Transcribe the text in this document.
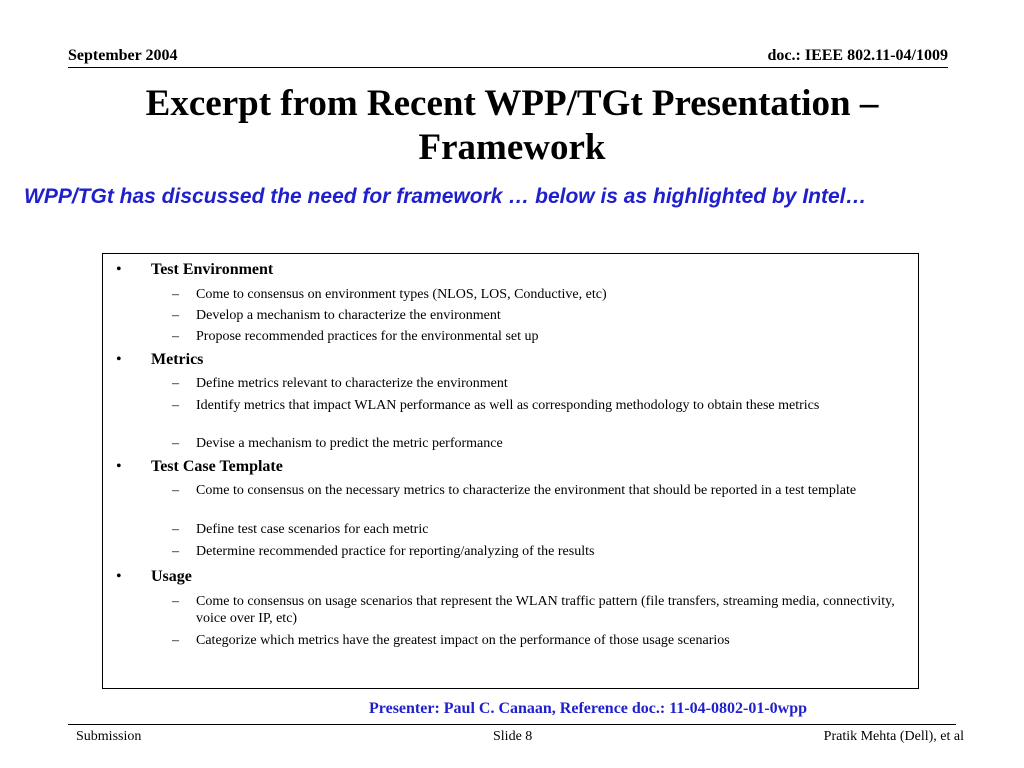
September 2004	doc.: IEEE 802.11-04/1009
Excerpt from Recent WPP/TGt Presentation –
Framework
WPP/TGt has discussed the need for framework … below is as highlighted by Intel…
• Test Environment
– Come to consensus on environment types (NLOS, LOS, Conductive, etc)
– Develop a mechanism to characterize the environment
– Propose recommended practices for the environmental set up
• Metrics
– Define metrics relevant to characterize the environment
– Identify metrics that impact WLAN performance as well as corresponding methodology to obtain these metrics
– Devise a mechanism to predict the metric performance
• Test Case Template
– Come to consensus on the necessary metrics to characterize the environment that should be reported in a test template
– Define test case scenarios for each metric
– Determine recommended practice for reporting/analyzing of the results
• Usage
– Come to consensus on usage scenarios that represent the WLAN traffic pattern (file transfers, streaming media, connectivity, voice over IP, etc)
– Categorize which metrics have the greatest impact on the performance of those usage scenarios
Presenter: Paul C. Canaan, Reference doc.: 11-04-0802-01-0wpp
Submission	Slide 8	Pratik Mehta (Dell), et al
